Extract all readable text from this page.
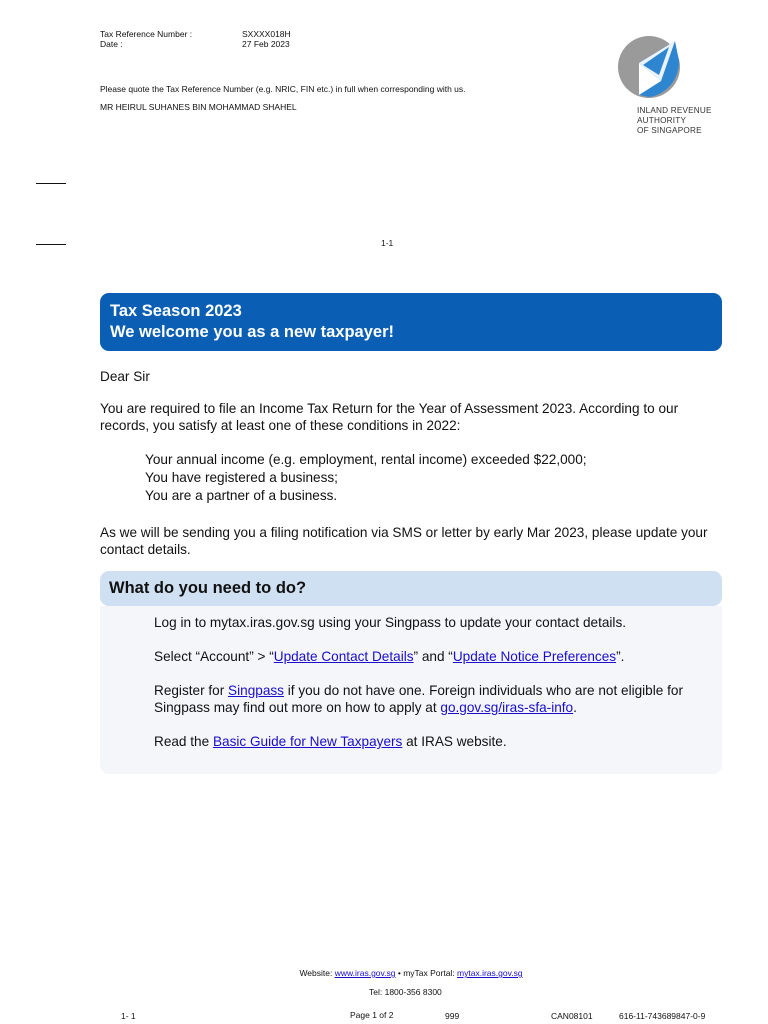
Tax Reference Number :	SXXXX018H
Date :	27 Feb 2023
Please quote the Tax Reference Number (e.g. NRIC, FIN etc.) in full when corresponding with us.
MR HEIRUL SUHANES BIN MOHAMMAD SHAHEL	INLAND REVENUE
AUTHORITY
OF SINGAPORE
1-1
Tax Season 2023
We welcome you as a new taxpayer!
Dear Sir
You are required to file an Income Tax Return for the Year of Assessment 2023. According to our
records, you satisfy at least one of these conditions in 2022:
Your annual income (e.g. employment, rental income) exceeded $22,000;
You have registered a business;
You are a partner of a business.
As we will be sending you a filing notification via SMS or letter by early Mar 2023, please update your
contact details.
What do you need to do?
Log in to mytax.iras.gov.sg using your Singpass to update your contact details.
Select “Account” > “Update Contact Details” and “Update Notice Preferences”.
Register for Singpass if you do not have one. Foreign individuals who are not eligible for
Singpass may find out more on how to apply at go.gov.sg/iras-sfa-info.
Read the Basic Guide for New Taxpayers at IRAS website.
Website: www.iras.gov.sg • myTax Portal: mytax.iras.gov.sg
Tel: 1800-356 8300
1- 1	Page 1 of 2	999	CAN08101	616-11-743689847-0-9
